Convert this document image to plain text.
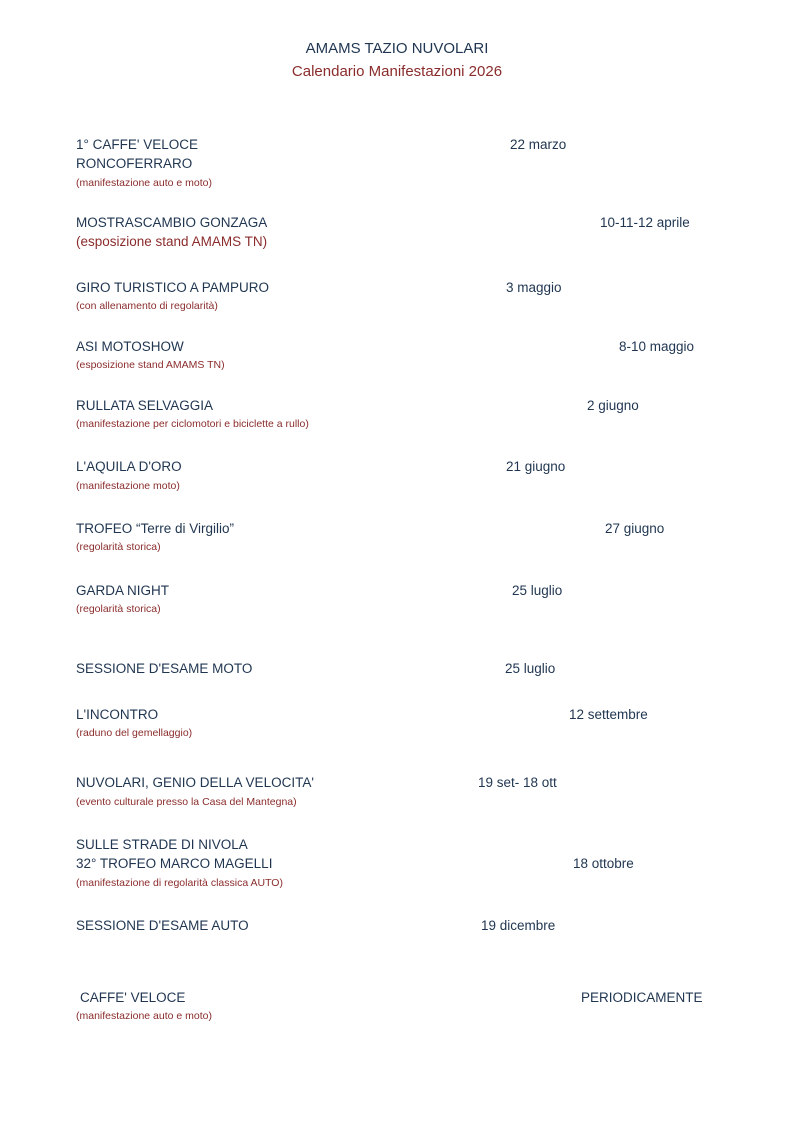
AMAMS TAZIO NUVOLARI
Calendario Manifestazioni 2026
1° CAFFE' VELOCE
RONCOFERRARO
(manifestazione auto e moto)
22 marzo
MOSTRASCAMBIO GONZAGA
(esposizione stand AMAMS TN)
10-11-12 aprile
GIRO TURISTICO A PAMPURO
(con allenamento di regolarità)
3 maggio
ASI MOTOSHOW
(esposizione stand AMAMS TN)
8-10 maggio
RULLATA SELVAGGIA
(manifestazione per ciclomotori e biciclette a rullo)
2 giugno
L'AQUILA D'ORO
(manifestazione moto)
21 giugno
TROFEO “Terre di Virgilio”
(regolarità storica)
27 giugno
GARDA NIGHT
(regolarità storica)
25 luglio
SESSIONE D'ESAME MOTO	25 luglio
L'INCONTRO
(raduno del gemellaggio)
12 settembre
NUVOLARI, GENIO DELLA VELOCITA'
(evento culturale presso la Casa del Mantegna)
19 set- 18 ott
SULLE STRADE DI NIVOLA
32° TROFEO MARCO MAGELLI
(manifestazione di regolarità classica AUTO)
18 ottobre
SESSIONE D'ESAME AUTO	19 dicembre
CAFFE' VELOCE
(manifestazione auto e moto)
PERIODICAMENTE
